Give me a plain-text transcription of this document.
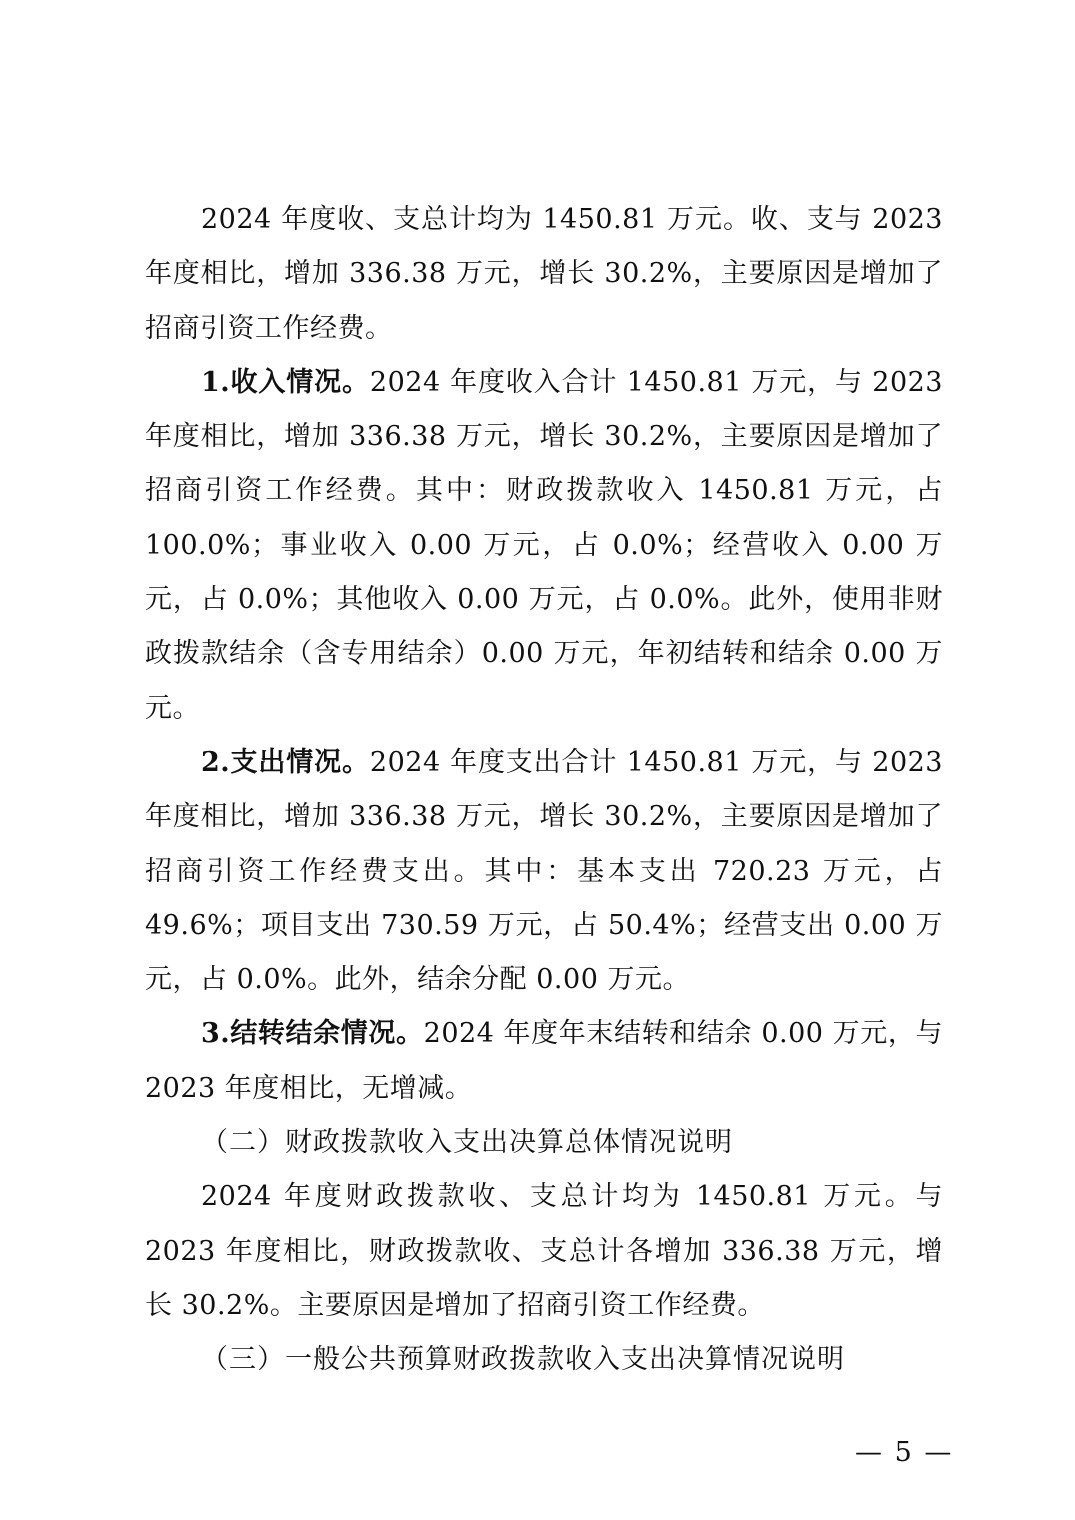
2024 年度收、支总计均为 1450.81 万元。收、支与 2023 年度相比，增加 336.38 万元，增长 30.2%，主要原因是增加了招商引资工作经费。

1.收入情况。2024 年度收入合计 1450.81 万元，与 2023 年度相比，增加 336.38 万元，增长 30.2%，主要原因是增加了招商引资工作经费。其中：财政拨款收入 1450.81 万元，占 100.0%；事业收入 0.00 万元，占 0.0%；经营收入 0.00 万元，占 0.0%；其他收入 0.00 万元，占 0.0%。此外，使用非财政拨款结余（含专用结余）0.00 万元，年初结转和结余 0.00 万元。

2.支出情况。2024 年度支出合计 1450.81 万元，与 2023 年度相比，增加 336.38 万元，增长 30.2%，主要原因是增加了招商引资工作经费支出。其中：基本支出 720.23 万元，占 49.6%；项目支出 730.59 万元，占 50.4%；经营支出 0.00 万元，占 0.0%。此外，结余分配 0.00 万元。

3.结转结余情况。2024 年度年末结转和结余 0.00 万元，与 2023 年度相比，无增减。

（二）财政拨款收入支出决算总体情况说明

2024 年度财政拨款收、支总计均为 1450.81 万元。与 2023 年度相比，财政拨款收、支总计各增加 336.38 万元，增长 30.2%。主要原因是增加了招商引资工作经费。

（三）一般公共预算财政拨款收入支出决算情况说明

— 5 —
